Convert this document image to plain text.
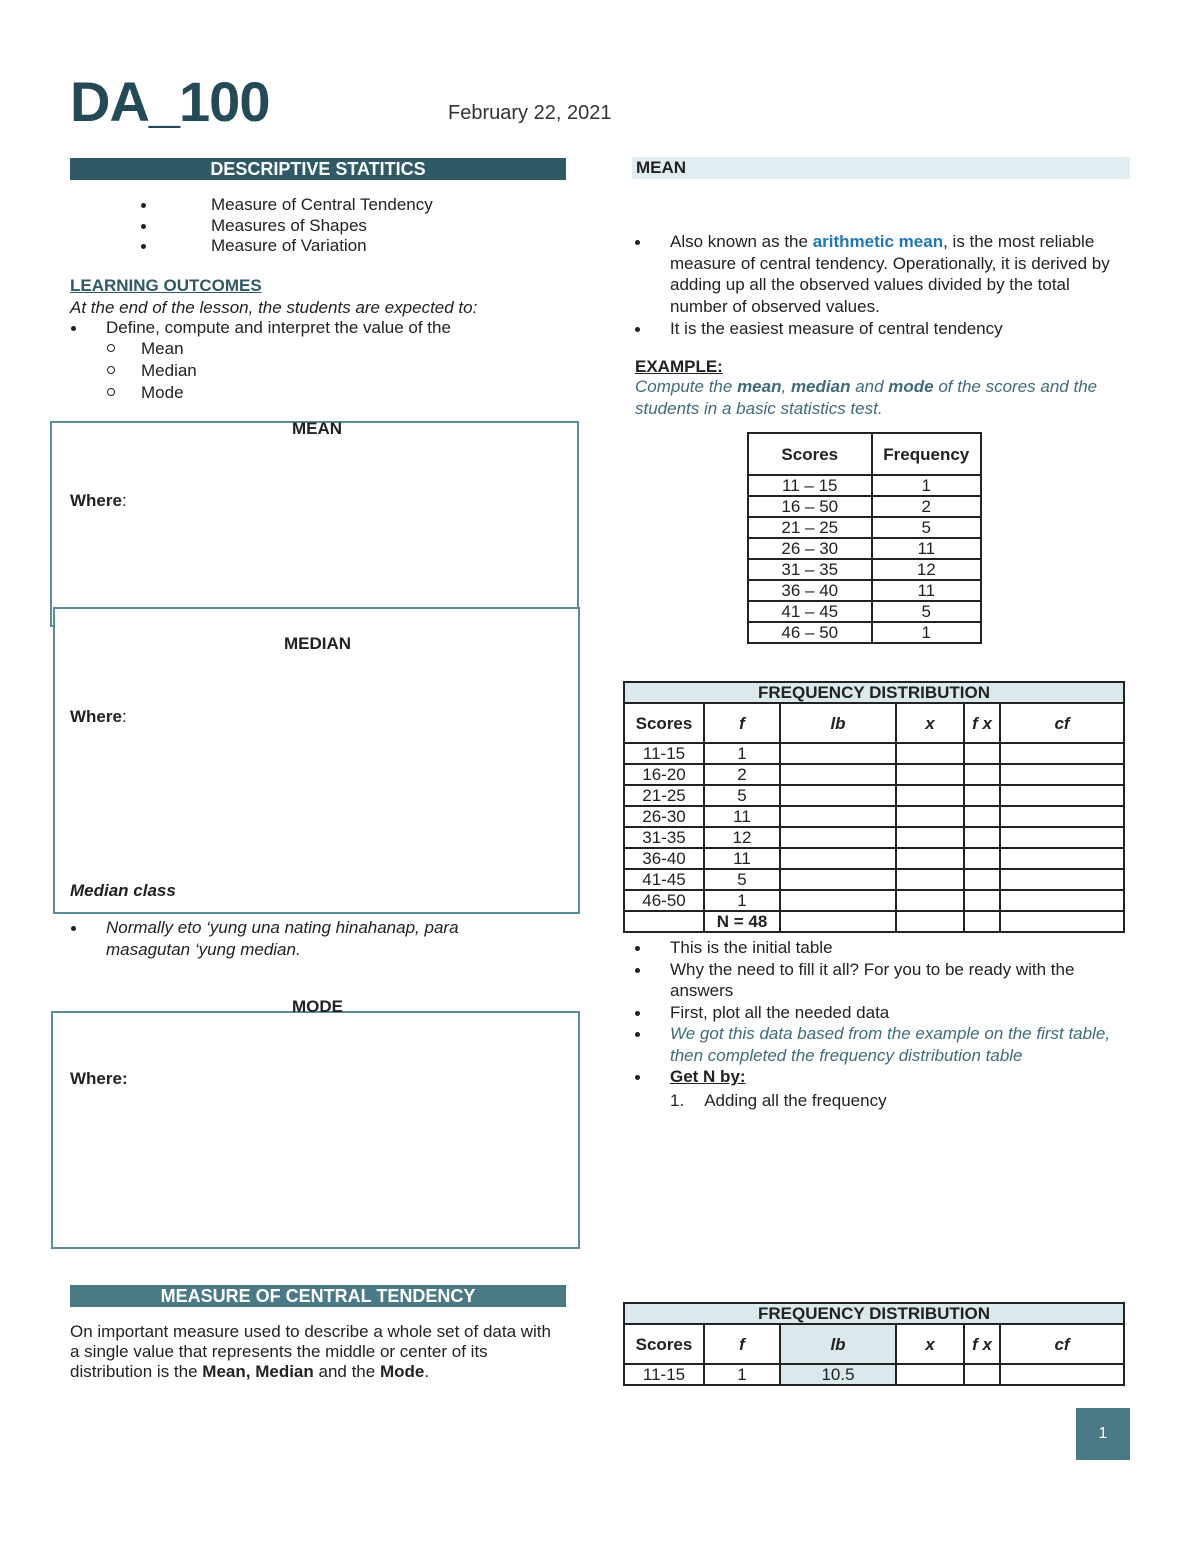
DA_100	February 22, 2021
DESCRIPTIVE STATITICS
Measure of Central Tendency
Measures of Shapes
Measure of Variation
LEARNING OUTCOMES
At the end of the lesson, the students are expected to:
Define, compute and interpret the value of the
Mean
Median
Mode
MEAN
Where:
MEDIAN
Where:
Median class
Normally eto ‘yung una nating hinahanap, para masagutan ‘yung median.
MODE
Where:
MEASURE OF CENTRAL TENDENCY
On important measure used to describe a whole set of data with a single value that represents the middle or center of its distribution is the Mean, Median and the Mode.
MEAN
Also known as the arithmetic mean, is the most reliable measure of central tendency. Operationally, it is derived by adding up all the observed values divided by the total number of observed values.
It is the easiest measure of central tendency
EXAMPLE:
Compute the mean, median and mode of the scores and the students in a basic statistics test.
Scores	Frequency
11 – 15	1
16 – 50	2
21 – 25	5
26 – 30	11
31 – 35	12
36 – 40	11
41 – 45	5
46 – 50	1
FREQUENCY DISTRIBUTION					
Scores	f	lb	x	f x	cf
11-15	1				
16-20	2				
21-25	5				
26-30	11				
31-35	12				
36-40	11				
41-45	5				
46-50	1				
	N = 48				
This is the initial table
Why the need to fill it all? For you to be ready with the answers
First, plot all the needed data
We got this data based from the example on the first table, then completed the frequency distribution table
Get N by:
1. Adding all the frequency
FREQUENCY DISTRIBUTION					
Scores	f	lb	x	f x	cf
11-15	1	10.5			
1
